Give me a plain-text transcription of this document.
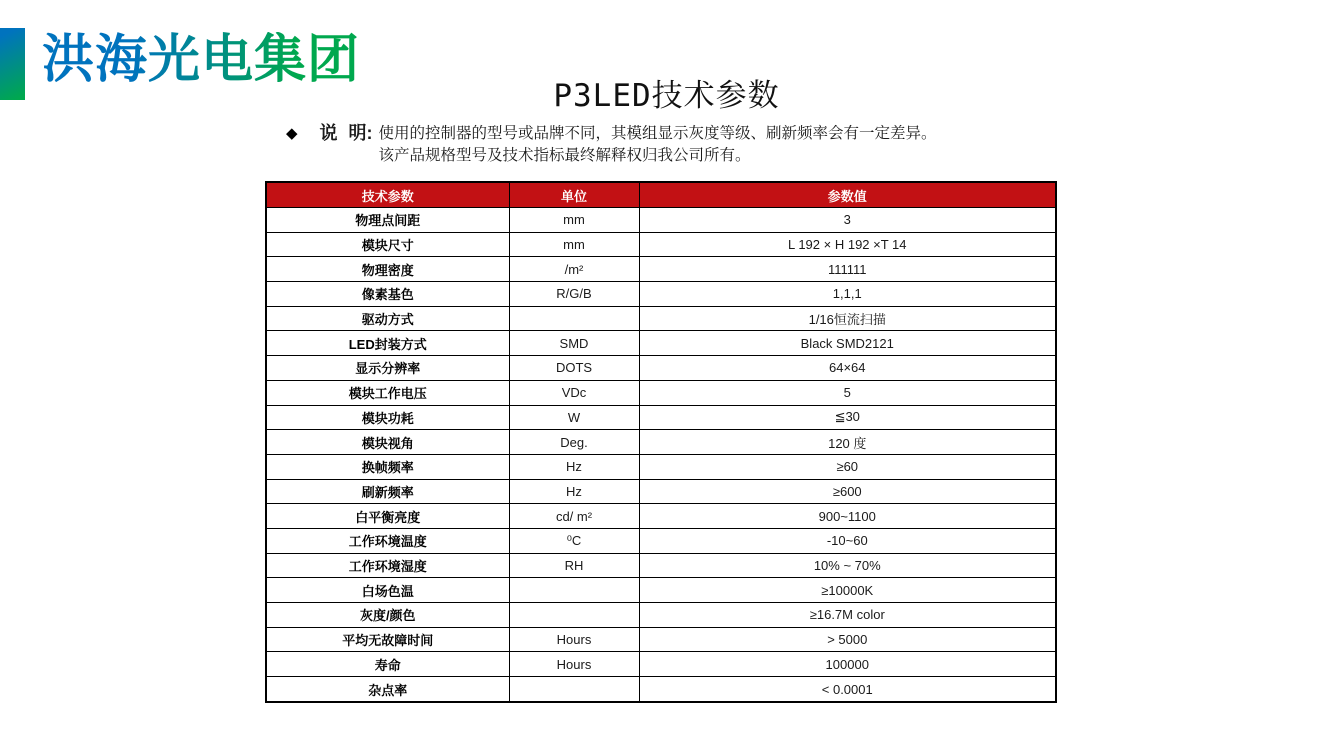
洪海光电集团
P3LED技术参数
◆ 说 明: 使用的控制器的型号或品牌不同，其模组显示灰度等级、刷新频率会有一定差异。
该产品规格型号及技术指标最终解释权归我公司所有。
技术参数	单位	参数值
物理点间距	mm	3
模块尺寸	mm	L 192 × H 192 ×T 14
物理密度	/m²	111111
像素基色	R/G/B	1,1,1
驱动方式		1/16恒流扫描
LED封装方式	SMD	Black SMD2121
显示分辨率	DOTS	64×64
模块工作电压	VDc	5
模块功耗	W	≦30
模块视角	Deg.	120 度
换帧频率	Hz	≥60
刷新频率	Hz	≥600
白平衡亮度	cd/ m²	900~1100
工作环境温度	⁰C	-10~60
工作环境湿度	RH	10% ~ 70%
白场色温		≥10000K
灰度/颜色		≥16.7M color
平均无故障时间	Hours	> 5000
寿命	Hours	100000
杂点率		< 0.0001
